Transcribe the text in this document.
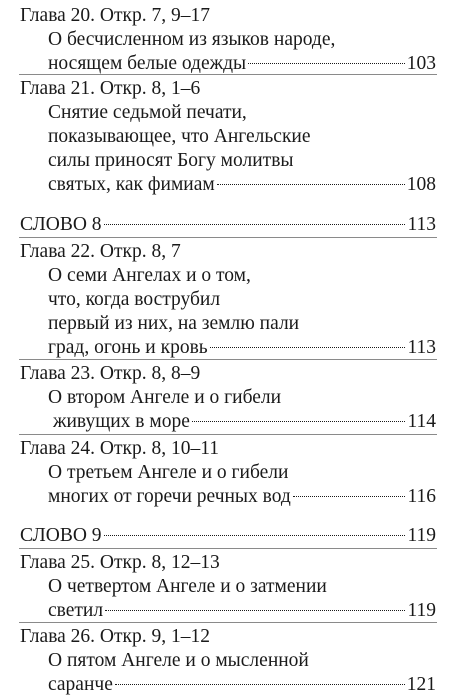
Глава 20. Откр. 7, 9–17
О бесчисленном из языков народе,
носящем белые одежды	103
Глава 21. Откр. 8, 1–6
Снятие седьмой печати,
показывающее, что Ангельские
силы приносят Богу молитвы
святых, как фимиам	108
СЛОВО 8	113
Глава 22. Откр. 8, 7
О семи Ангелах и о том,
что, когда вострубил
первый из них, на землю пали
град, огонь и кровь	113
Глава 23. Откр. 8, 8–9
О втором Ангеле и о гибели
живущих в море	114
Глава 24. Откр. 8, 10–11
О третьем Ангеле и о гибели
многих от горечи речных вод	116
СЛОВО 9	119
Глава 25. Откр. 8, 12–13
О четвертом Ангеле и о затмении
светил	119
Глава 26. Откр. 9, 1–12
О пятом Ангеле и о мысленной
саранче	121
